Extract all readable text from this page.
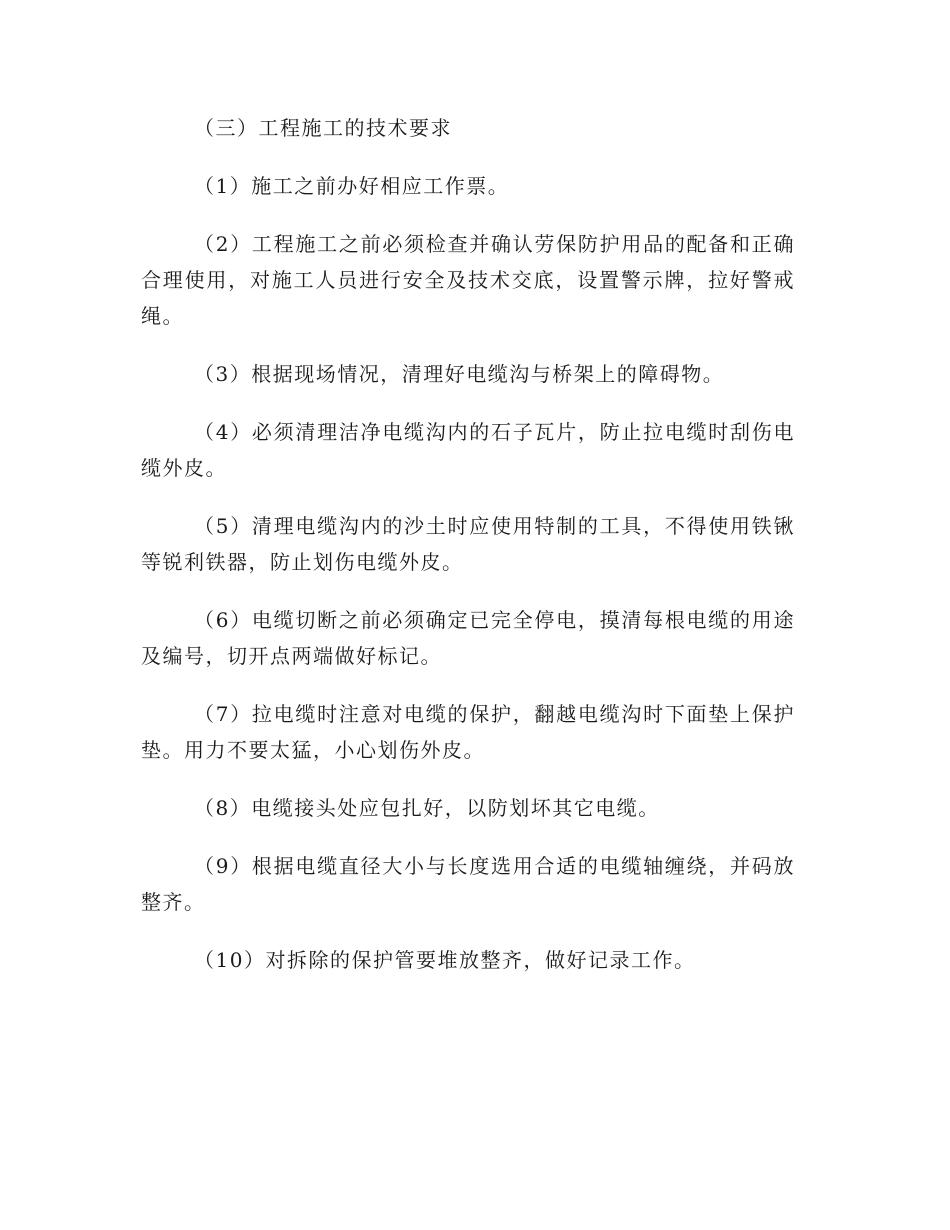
（三）工程施工的技术要求

（1）施工之前办好相应工作票。

（2）工程施工之前必须检查并确认劳保防护用品的配备和正确合理使用，对施工人员进行安全及技术交底，设置警示牌，拉好警戒绳。

（3）根据现场情况，清理好电缆沟与桥架上的障碍物。

（4）必须清理洁净电缆沟内的石子瓦片，防止拉电缆时刮伤电缆外皮。

（5）清理电缆沟内的沙土时应使用特制的工具，不得使用铁锹等锐利铁器，防止划伤电缆外皮。

（6）电缆切断之前必须确定已完全停电，摸清每根电缆的用途及编号，切开点两端做好标记。

（7）拉电缆时注意对电缆的保护，翻越电缆沟时下面垫上保护垫。用力不要太猛，小心划伤外皮。

（8）电缆接头处应包扎好，以防划坏其它电缆。

（9）根据电缆直径大小与长度选用合适的电缆轴缠绕，并码放整齐。

（10）对拆除的保护管要堆放整齐，做好记录工作。
